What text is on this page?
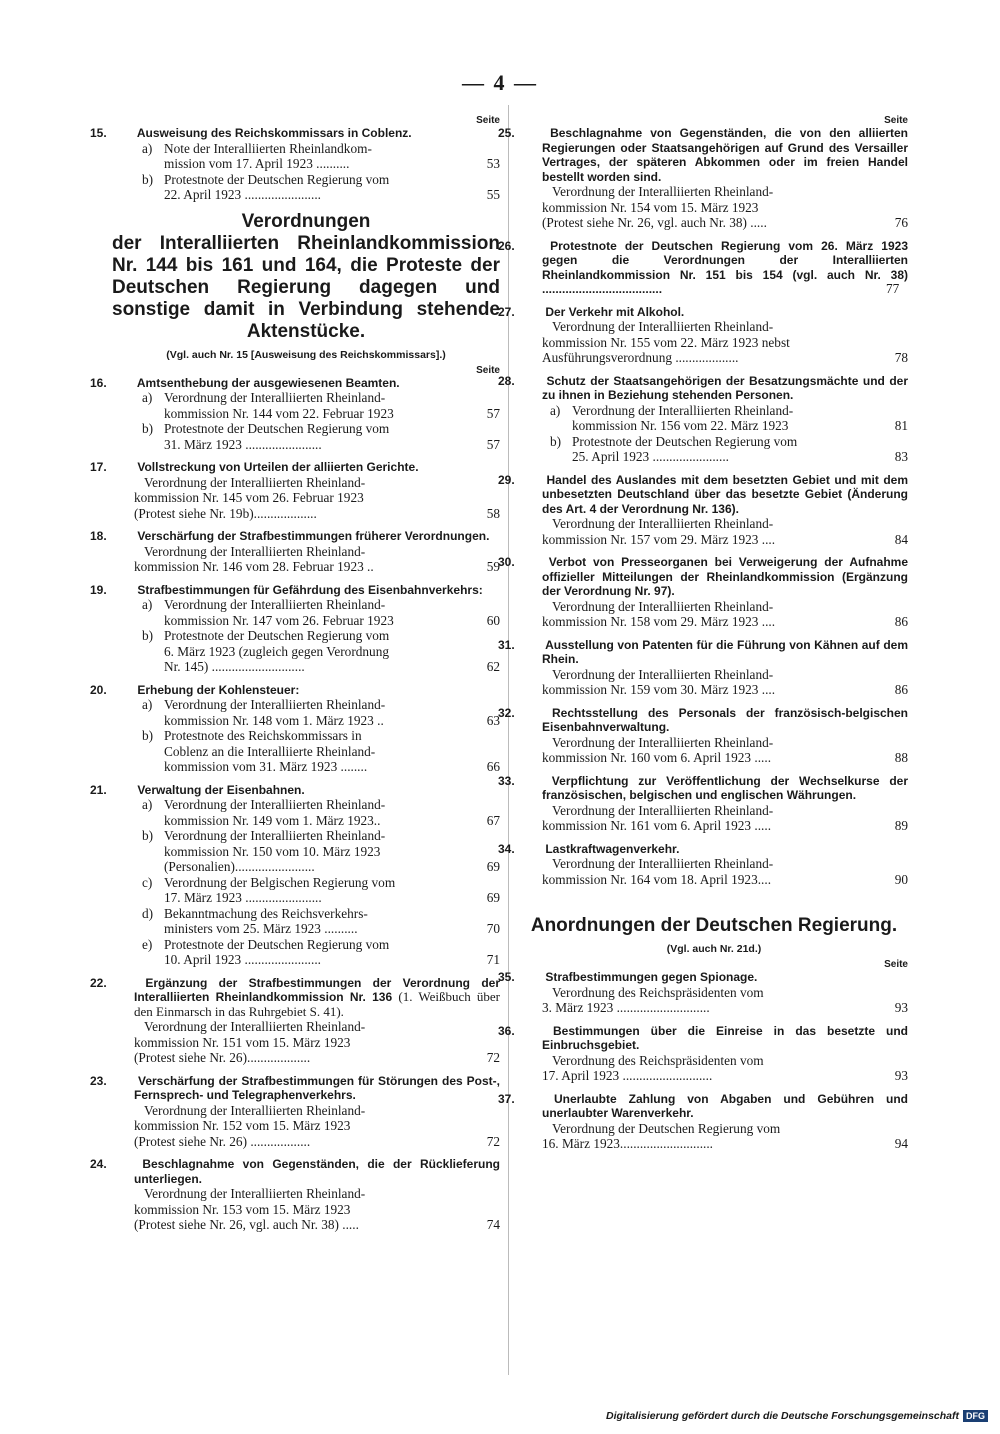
— 4 —
Seite
15. Ausweisung des Reichskommissars in Coblenz.
a) Note der Interalliierten Rheinlandkom-
mission vom 17. April 1923 ..........	53
b) Protestnote der Deutschen Regierung vom
22. April 1923 .......................	55
Verordnungen
der Interalliierten Rheinlandkommission Nr. 144 bis 161 und 164, die Proteste der Deutschen Regierung dagegen und sonstige damit in Verbindung stehende Aktenstücke.
(Vgl. auch Nr. 15 [Ausweisung des Reichskommissars].)
Seite
16. Amtsenthebung der ausgewiesenen Beamten.
a) Verordnung der Interalliierten Rheinland-
kommission Nr. 144 vom 22. Februar 1923	57
b) Protestnote der Deutschen Regierung vom
31. März 1923 .......................	57
17. Vollstreckung von Urteilen der alliierten Gerichte.
Verordnung der Interalliierten Rheinland-
kommission Nr. 145 vom 26. Februar 1923
(Protest siehe Nr. 19b)...................	58
18. Verschärfung der Strafbestimmungen früherer Verordnungen.
Verordnung der Interalliierten Rheinland-
kommission Nr. 146 vom 28. Februar 1923 ..	59
19. Strafbestimmungen für Gefährdung des Eisenbahnverkehrs:
a) Verordnung der Interalliierten Rheinland-
kommission Nr. 147 vom 26. Februar 1923	60
b) Protestnote der Deutschen Regierung vom
6. März 1923 (zugleich gegen Verordnung
Nr. 145) ............................	62
20. Erhebung der Kohlensteuer:
a) Verordnung der Interalliierten Rheinland-
kommission Nr. 148 vom 1. März 1923 ..	63
b) Protestnote des Reichskommissars in
Coblenz an die Interalliierte Rheinland-
kommission vom 31. März 1923 ........	66
21. Verwaltung der Eisenbahnen.
a) Verordnung der Interalliierten Rheinland-
kommission Nr. 149 vom 1. März 1923..	67
b) Verordnung der Interalliierten Rheinland-
kommission Nr. 150 vom 10. März 1923
(Personalien)........................	69
c) Verordnung der Belgischen Regierung vom
17. März 1923 .......................	69
d) Bekanntmachung des Reichsverkehrs-
ministers vom 25. März 1923 ..........	70
e) Protestnote der Deutschen Regierung vom
10. April 1923 .......................	71
22. Ergänzung der Strafbestimmungen der Verordnung der Interalliierten Rheinlandkommission Nr. 136 (1. Weißbuch über den Einmarsch in das Ruhrgebiet S. 41).
Verordnung der Interalliierten Rheinland-
kommission Nr. 151 vom 15. März 1923
(Protest siehe Nr. 26)...................	72
23. Verschärfung der Strafbestimmungen für Störungen des Post-, Fernsprech- und Telegraphenverkehrs.
Verordnung der Interalliierten Rheinland-
kommission Nr. 152 vom 15. März 1923
(Protest siehe Nr. 26) ..................	72
24. Beschlagnahme von Gegenständen, die der Rücklieferung unterliegen.
Verordnung der Interalliierten Rheinland-
kommission Nr. 153 vom 15. März 1923
(Protest siehe Nr. 26, vgl. auch Nr. 38) .....	74
Seite
25. Beschlagnahme von Gegenständen, die von den alliierten Regierungen oder Staatsangehörigen auf Grund des Versailler Vertrages, der späteren Abkommen oder im freien Handel bestellt worden sind.
Verordnung der Interalliierten Rheinland-
kommission Nr. 154 vom 15. März 1923
(Protest siehe Nr. 26, vgl. auch Nr. 38) .....	76
26. Protestnote der Deutschen Regierung vom 26. März 1923 gegen die Verordnungen der Interalliierten Rheinlandkommission Nr. 151 bis 154 (vgl. auch Nr. 38) ....................................	77
27. Der Verkehr mit Alkohol.
Verordnung der Interalliierten Rheinland-
kommission Nr. 155 vom 22. März 1923 nebst
Ausführungsverordnung ...................	78
28. Schutz der Staatsangehörigen der Besatzungsmächte und der zu ihnen in Beziehung stehenden Personen.
a) Verordnung der Interalliierten Rheinland-
kommission Nr. 156 vom 22. März 1923	81
b) Protestnote der Deutschen Regierung vom
25. April 1923 .......................	83
29. Handel des Auslandes mit dem besetzten Gebiet und mit dem unbesetzten Deutschland über das besetzte Gebiet (Änderung des Art. 4 der Verordnung Nr. 136).
Verordnung der Interalliierten Rheinland-
kommission Nr. 157 vom 29. März 1923 ....	84
30. Verbot von Presseorganen bei Verweigerung der Aufnahme offizieller Mitteilungen der Rheinlandkommission (Ergänzung der Verordnung Nr. 97).
Verordnung der Interalliierten Rheinland-
kommission Nr. 158 vom 29. März 1923 ....	86
31. Ausstellung von Patenten für die Führung von Kähnen auf dem Rhein.
Verordnung der Interalliierten Rheinland-
kommission Nr. 159 vom 30. März 1923 ....	86
32. Rechtsstellung des Personals der französisch-belgischen Eisenbahnverwaltung.
Verordnung der Interalliierten Rheinland-
kommission Nr. 160 vom 6. April 1923 .....	88
33. Verpflichtung zur Veröffentlichung der Wechselkurse der französischen, belgischen und englischen Währungen.
Verordnung der Interalliierten Rheinland-
kommission Nr. 161 vom 6. April 1923 .....	89
34. Lastkraftwagenverkehr.
Verordnung der Interalliierten Rheinland-
kommission Nr. 164 vom 18. April 1923....	90
Anordnungen der Deutschen Regierung.
(Vgl. auch Nr. 21d.)
Seite
35. Strafbestimmungen gegen Spionage.
Verordnung des Reichspräsidenten vom
3. März 1923 ............................	93
36. Bestimmungen über die Einreise in das besetzte und Einbruchsgebiet.
Verordnung des Reichspräsidenten vom
17. April 1923 ...........................	93
37. Unerlaubte Zahlung von Abgaben und Gebühren und unerlaubter Warenverkehr.
Verordnung der Deutschen Regierung vom
16. März 1923............................	94
Digitalisierung gefördert durch die Deutsche Forschungsgemeinschaft DFG
